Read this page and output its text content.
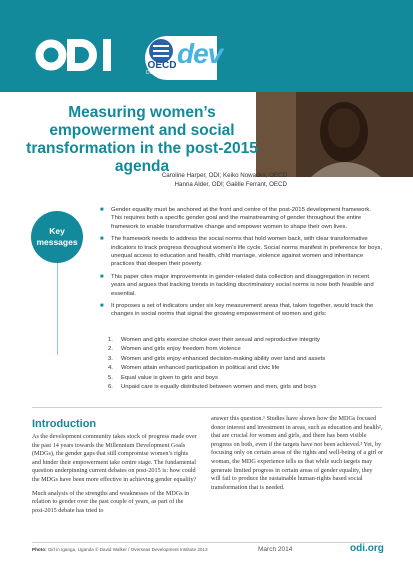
OECD dev
DEVELOPMENT CENTRE
Measuring women’s empowerment and social transformation in the post-2015 agenda
Caroline Harper, ODI; Keiko Nowacka, OECD
Hanna Alder, ODI; Gaëlle Ferrant, OECD
Key
messages
■ Gender equality must be anchored at the front and centre of the post-2015 development framework. This requires both a specific gender goal and the mainstreaming of gender throughout the entire framework to enable transformative change and empower women to shape their own lives.
■ The framework needs to address the social norms that hold women back, with clear transformative indicators to track progress throughout women’s life cycle. Social norms manifest in preference for boys, unequal access to education and health, child marriage, violence against women and inheritance practices that deepen their poverty.
■ This paper cites major improvements in gender-related data collection and disaggregation in recent years and argues that tracking trends in tackling discriminatory social norms is now both feasible and essential.
■ It proposes a set of indicators under six key measurement areas that, taken together, would track the changes in social norms that signal the growing empowerment of women and girls:
1. Women and girls exercise choice over their sexual and reproductive integrity
2. Women and girls enjoy freedom from violence
3. Women and girls enjoy enhanced decision-making ability over land and assets
4. Women attain enhanced participation in political and civic life
5. Equal value is given to girls and boys
6. Unpaid care is equally distributed between women and men, girls and boys
Introduction

As the development community takes stock of progress made over the past 14 years towards the Millennium Development Goals (MDGs), the gender gaps that still compromise women’s rights and hinder their empowerment take centre stage. The fundamental question underpinning current debates on post-2015 is: how could the MDGs have been more effective in achieving gender equality?

Much analysis of the strengths and weaknesses of the MDGs in relation to gender over the past couple of years, as part of the post-2015 debate has tried to

answer this question.¹ Studies have shown how the MDGs focused donor interest and investment in areas, such as education and health², that are crucial for women and girls, and there has been visible progress on both, even if the targets have not been achieved.³ Yet, by focusing only on certain areas of the rights and well-being of a girl or woman, the MDG experience tells us that while such targets may generate limited progress in certain areas of gender equality, they will fail to produce the sustainable human-rights based social transformation that is needed.

Photo: Girl in Iganga, Uganda © David Walker / Overseas Development Institute 2013	March 2014	odi.org
